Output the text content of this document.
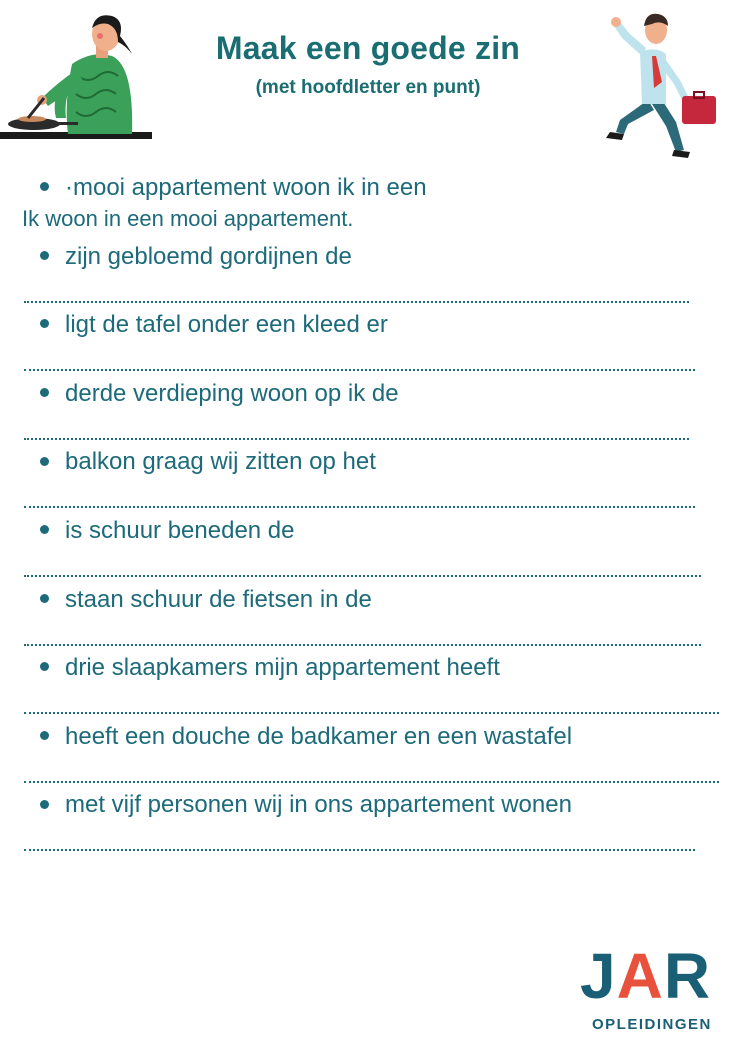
Maak een goede zin
(met hoofdletter en punt)
·mooi appartement woon ik in een
Ik woon in een mooi appartement.
zijn gebloemd gordijnen de
ligt de tafel onder een kleed er
derde verdieping woon op ik de
balkon graag wij zitten op het
is schuur beneden de
staan schuur de fietsen in de
drie slaapkamers mijn appartement heeft
heeft een douche de badkamer en een wastafel
met vijf personen wij in ons appartement wonen
JAR
OPLEIDINGEN
